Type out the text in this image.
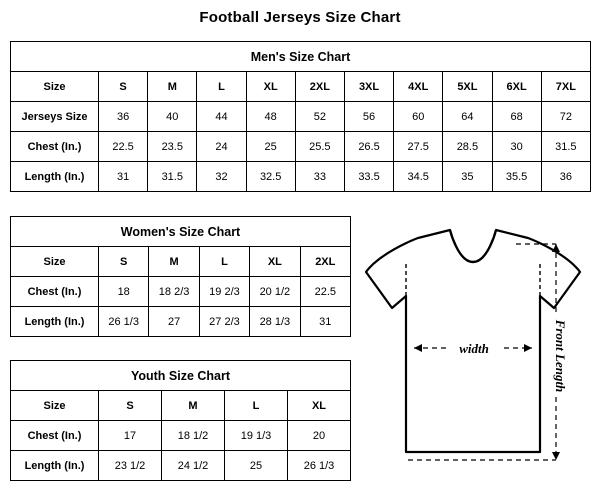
Football Jerseys Size Chart
Men's Size Chart										
Size	S	M	L	XL	2XL	3XL	4XL	5XL	6XL	7XL
Jerseys Size	36	40	44	48	52	56	60	64	68	72
Chest (In.)	22.5	23.5	24	25	25.5	26.5	27.5	28.5	30	31.5
Length (In.)	31	31.5	32	32.5	33	33.5	34.5	35	35.5	36
Women's Size Chart					
Size	S	M	L	XL	2XL
Chest (In.)	18	18 2/3	19 2/3	20 1/2	22.5
Length (In.)	26 1/3	27	27 2/3	28 1/3	31
Youth Size Chart				
Size	S	M	L	XL
Chest (In.)	17	18 1/2	19 1/3	20
Length (In.)	23 1/2	24 1/2	25	26 1/3
width	Front Length
